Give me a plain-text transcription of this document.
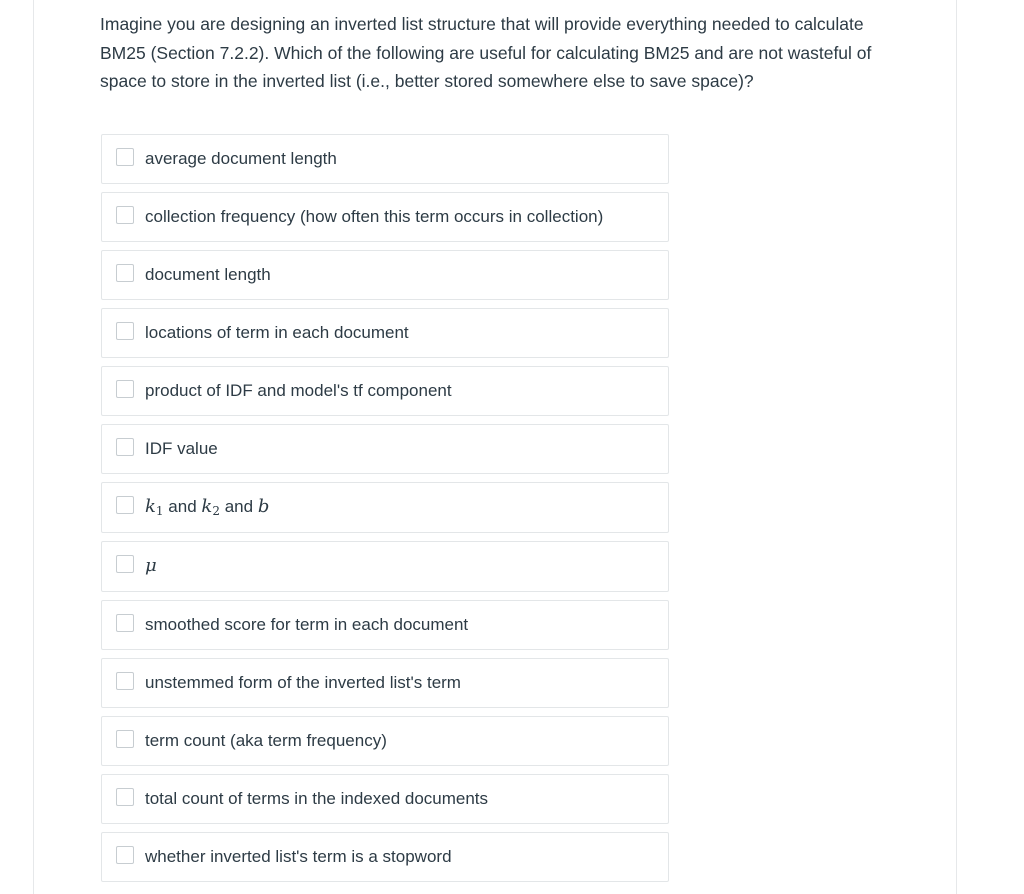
Imagine you are designing an inverted list structure that will provide everything needed to calculate BM25 (Section 7.2.2). Which of the following are useful for calculating BM25 and are not wasteful of space to store in the inverted list (i.e., better stored somewhere else to save space)?

average document length
collection frequency (how often this term occurs in collection)
document length
locations of term in each document
product of IDF and model's tf component
IDF value
$k_1$ and $k_2$ and b
μ
smoothed score for term in each document
unstemmed form of the inverted list's term
term count (aka term frequency)
total count of terms in the indexed documents
whether inverted list's term is a stopword
